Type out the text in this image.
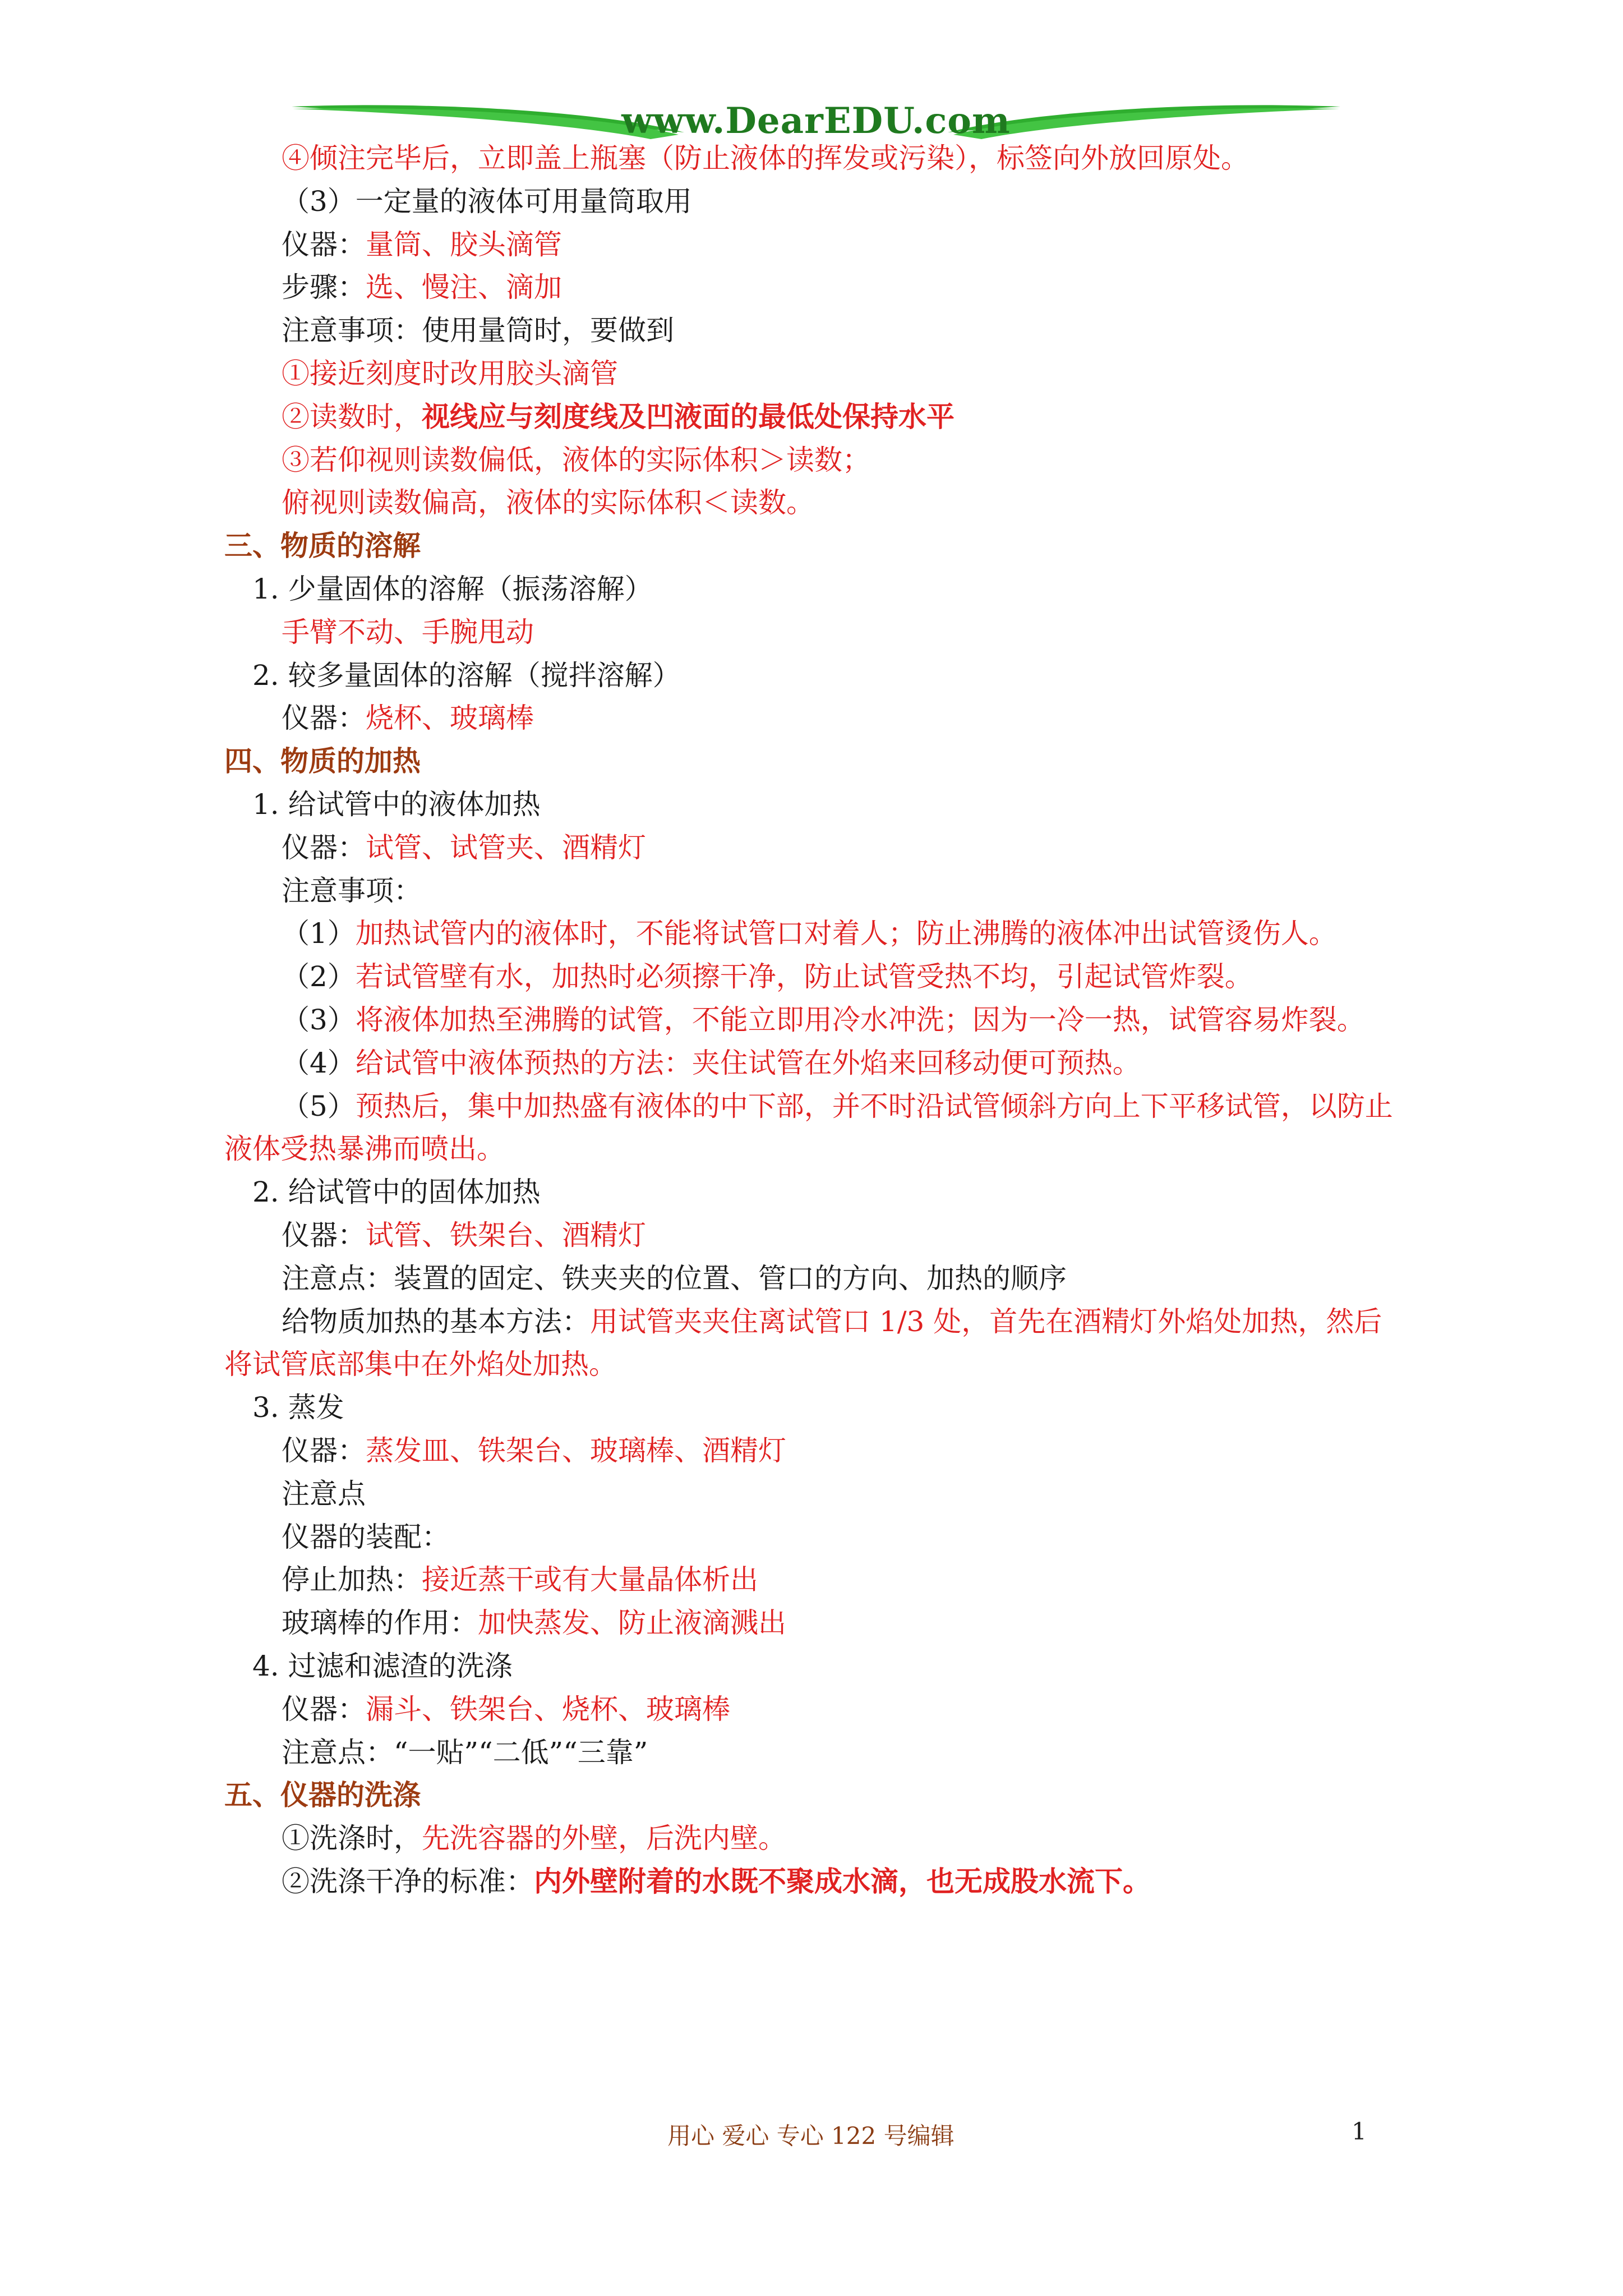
www.DearEDU.com
④倾注完毕后，立即盖上瓶塞（防止液体的挥发或污染），标签向外放回原处。
（3）一定量的液体可用量筒取用
仪器：量筒、胶头滴管
步骤：选、慢注、滴加
注意事项：使用量筒时，要做到
①接近刻度时改用胶头滴管
②读数时，视线应与刻度线及凹液面的最低处保持水平
③若仰视则读数偏低，液体的实际体积＞读数；
俯视则读数偏高，液体的实际体积＜读数。
三、物质的溶解
1. 少量固体的溶解（振荡溶解）
手臂不动、手腕甩动
2. 较多量固体的溶解（搅拌溶解）
仪器：烧杯、玻璃棒
四、物质的加热
1. 给试管中的液体加热
仪器：试管、试管夹、酒精灯
注意事项：
（1）加热试管内的液体时，不能将试管口对着人；防止沸腾的液体冲出试管烫伤人。
（2）若试管壁有水，加热时必须擦干净，防止试管受热不均，引起试管炸裂。
（3）将液体加热至沸腾的试管，不能立即用冷水冲洗；因为一冷一热，试管容易炸裂。
（4）给试管中液体预热的方法：夹住试管在外焰来回移动便可预热。
（5）预热后，集中加热盛有液体的中下部，并不时沿试管倾斜方向上下平移试管，以防止
液体受热暴沸而喷出。
2. 给试管中的固体加热
仪器：试管、铁架台、酒精灯
注意点：装置的固定、铁夹夹的位置、管口的方向、加热的顺序
给物质加热的基本方法：用试管夹夹住离试管口 1/3 处，首先在酒精灯外焰处加热，然后
将试管底部集中在外焰处加热。
3. 蒸发
仪器：蒸发皿、铁架台、玻璃棒、酒精灯
注意点
仪器的装配：
停止加热：接近蒸干或有大量晶体析出
玻璃棒的作用：加快蒸发、防止液滴溅出
4. 过滤和滤渣的洗涤
仪器：漏斗、铁架台、烧杯、玻璃棒
注意点：“一贴”“二低”“三靠”
五、仪器的洗涤
①洗涤时，先洗容器的外壁，后洗内壁。
②洗涤干净的标准：内外壁附着的水既不聚成水滴，也无成股水流下。
用心 爱心 专心 122 号编辑	1
